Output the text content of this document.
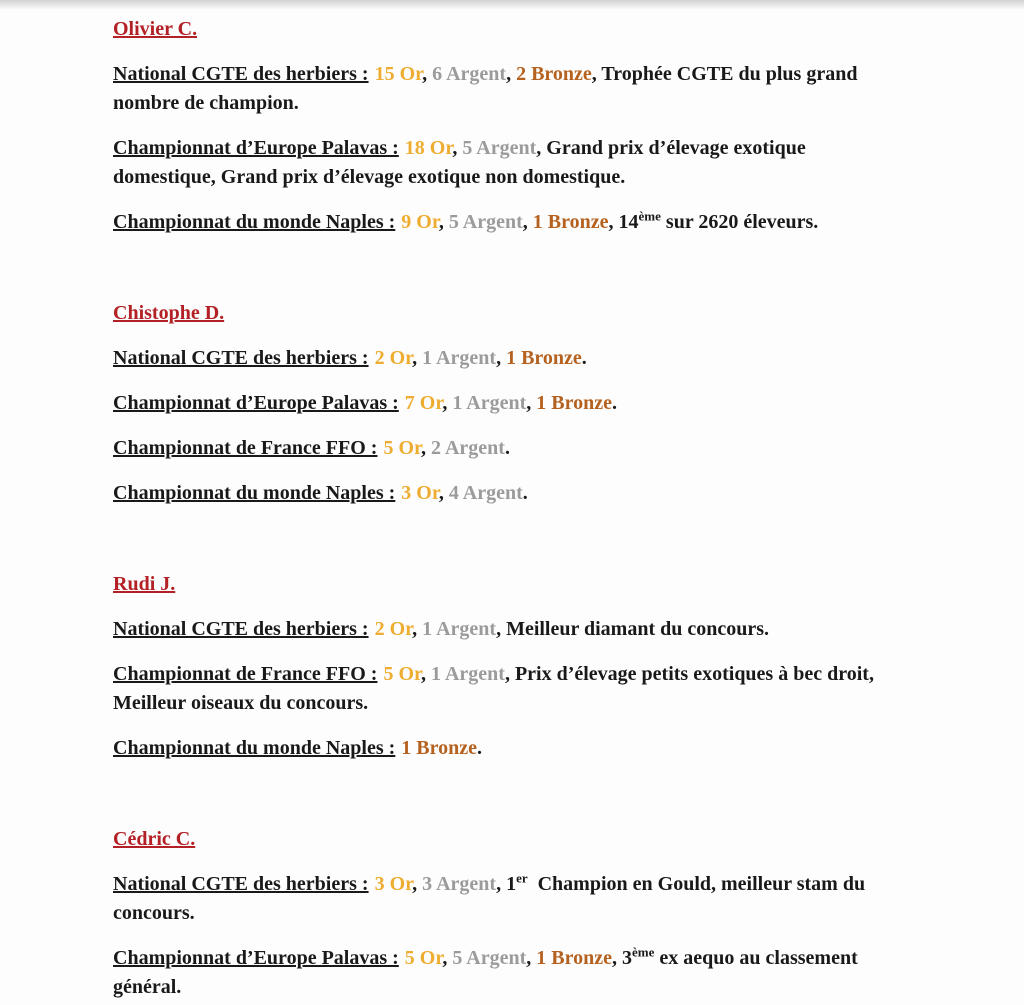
Olivier C.

National CGTE des herbiers : 15 Or, 6 Argent, 2 Bronze, Trophée CGTE du plus grand nombre de champion.

Championnat d’Europe Palavas : 18 Or, 5 Argent, Grand prix d’élevage exotique domestique, Grand prix d’élevage exotique non domestique.

Championnat du monde Naples : 9 Or, 5 Argent, 1 Bronze, 14ème sur 2620 éleveurs.

Chistophe D.

National CGTE des herbiers : 2 Or, 1 Argent, 1 Bronze.

Championnat d’Europe Palavas : 7 Or, 1 Argent, 1 Bronze.

Championnat de France FFO : 5 Or, 2 Argent.

Championnat du monde Naples : 3 Or, 4 Argent.

Rudi J.

National CGTE des herbiers : 2 Or, 1 Argent, Meilleur diamant du concours.

Championnat de France FFO : 5 Or, 1 Argent, Prix d’élevage petits exotiques à bec droit, Meilleur oiseaux du concours.

Championnat du monde Naples : 1 Bronze.

Cédric C.

National CGTE des herbiers : 3 Or, 3 Argent, 1er  Champion en Gould, meilleur stam du concours.

Championnat d’Europe Palavas : 5 Or, 5 Argent, 1 Bronze, 3ème ex aequo au classement général.
